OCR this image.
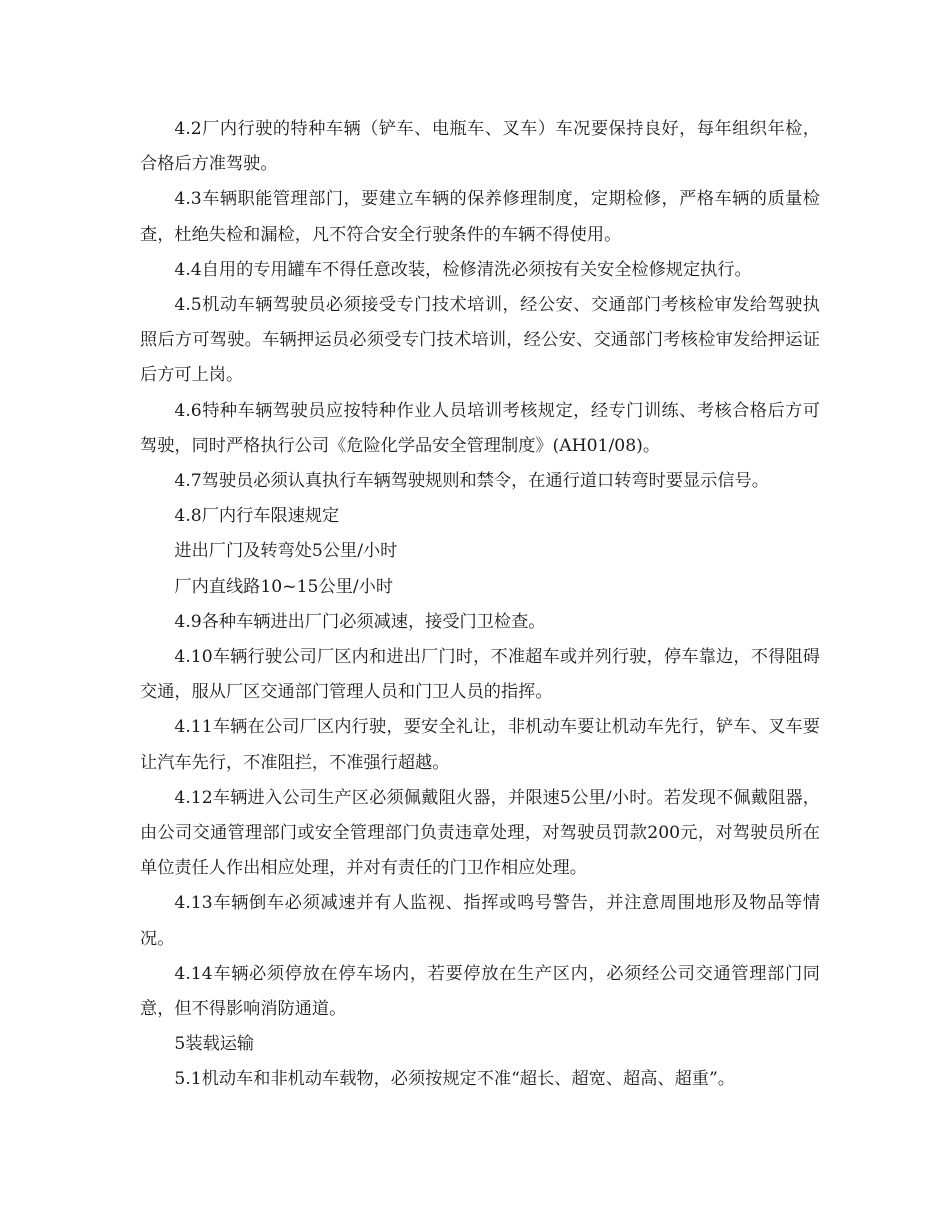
4.2厂内行驶的特种车辆（铲车、电瓶车、叉车）车况要保持良好，每年组织年检，合格后方准驾驶。

4.3车辆职能管理部门，要建立车辆的保养修理制度，定期检修，严格车辆的质量检查，杜绝失检和漏检，凡不符合安全行驶条件的车辆不得使用。

4.4自用的专用罐车不得任意改装，检修清洗必须按有关安全检修规定执行。

4.5机动车辆驾驶员必须接受专门技术培训，经公安、交通部门考核检审发给驾驶执照后方可驾驶。车辆押运员必须受专门技术培训，经公安、交通部门考核检审发给押运证后方可上岗。

4.6特种车辆驾驶员应按特种作业人员培训考核规定，经专门训练、考核合格后方可驾驶，同时严格执行公司《危险化学品安全管理制度》(AH01/08)。

4.7驾驶员必须认真执行车辆驾驶规则和禁令，在通行道口转弯时要显示信号。

4.8厂内行车限速规定

进出厂门及转弯处5公里/小时

厂内直线路10~15公里/小时

4.9各种车辆进出厂门必须减速，接受门卫检查。

4.10车辆行驶公司厂区内和进出厂门时，不准超车或并列行驶，停车靠边，不得阻碍交通，服从厂区交通部门管理人员和门卫人员的指挥。

4.11车辆在公司厂区内行驶，要安全礼让，非机动车要让机动车先行，铲车、叉车要让汽车先行，不准阻拦，不准强行超越。

4.12车辆进入公司生产区必须佩戴阻火器，并限速5公里/小时。若发现不佩戴阻器，由公司交通管理部门或安全管理部门负责违章处理，对驾驶员罚款200元，对驾驶员所在单位责任人作出相应处理，并对有责任的门卫作相应处理。

4.13车辆倒车必须减速并有人监视、指挥或鸣号警告，并注意周围地形及物品等情况。

4.14车辆必须停放在停车场内，若要停放在生产区内，必须经公司交通管理部门同意，但不得影响消防通道。

5装载运输

5.1机动车和非机动车载物，必须按规定不准“超长、超宽、超高、超重”。
